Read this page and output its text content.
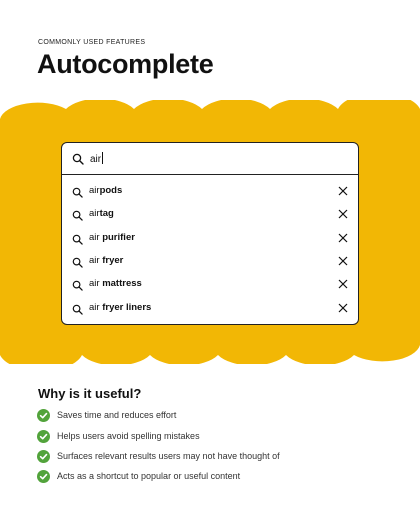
COMMONLY USED FEATURES
Autocomplete
air
airpods
airtag
air purifier
air fryer
air mattress
air fryer liners
Why is it useful?
Saves time and reduces effort
Helps users avoid spelling mistakes
Surfaces relevant results users may not have thought of
Acts as a shortcut to popular or useful content
